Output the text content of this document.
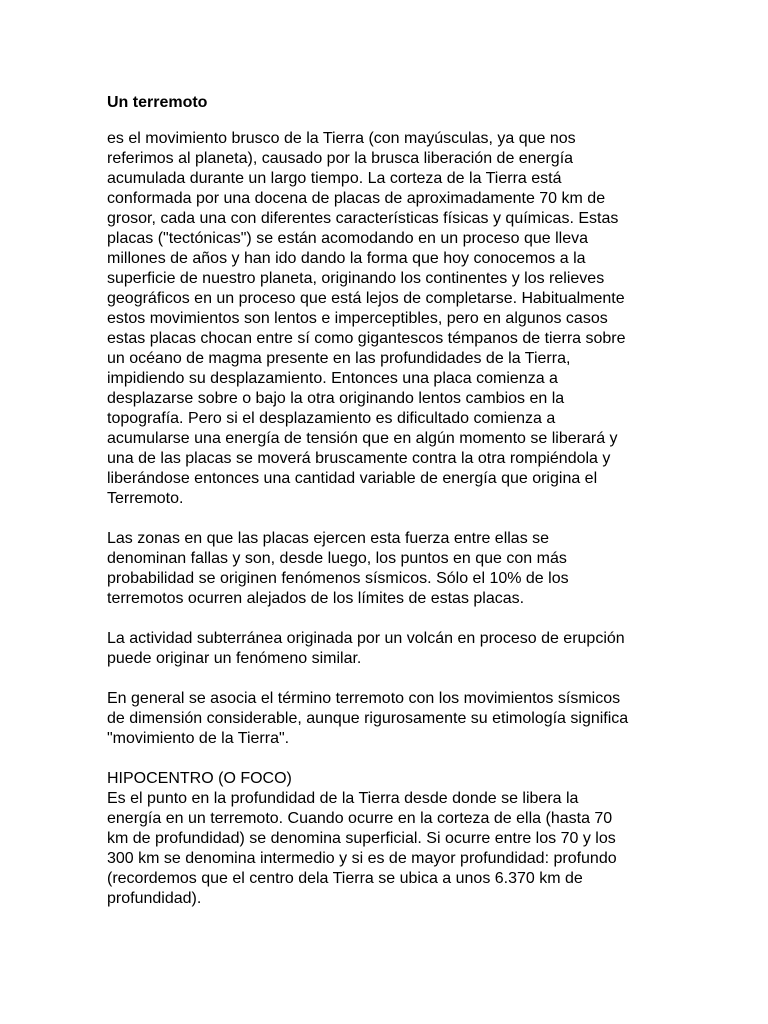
Un terremoto
es el movimiento brusco de la Tierra (con mayúsculas, ya que nos
referimos al planeta), causado por la brusca liberación de energía
acumulada durante un largo tiempo. La corteza de la Tierra está
conformada por una docena de placas de aproximadamente 70 km de
grosor, cada una con diferentes características físicas y químicas. Estas
placas ("tectónicas") se están acomodando en un proceso que lleva
millones de años y han ido dando la forma que hoy conocemos a la
superficie de nuestro planeta, originando los continentes y los relieves
geográficos en un proceso que está lejos de completarse. Habitualmente
estos movimientos son lentos e imperceptibles, pero en algunos casos
estas placas chocan entre sí como gigantescos témpanos de tierra sobre
un océano de magma presente en las profundidades de la Tierra,
impidiendo su desplazamiento. Entonces una placa comienza a
desplazarse sobre o bajo la otra originando lentos cambios en la
topografía. Pero si el desplazamiento es dificultado comienza a
acumularse una energía de tensión que en algún momento se liberará y
una de las placas se moverá bruscamente contra la otra rompiéndola y
liberándose entonces una cantidad variable de energía que origina el
Terremoto.
Las zonas en que las placas ejercen esta fuerza entre ellas se
denominan fallas y son, desde luego, los puntos en que con más
probabilidad se originen fenómenos sísmicos. Sólo el 10% de los
terremotos ocurren alejados de los límites de estas placas.
La actividad subterránea originada por un volcán en proceso de erupción
puede originar un fenómeno similar.
En general se asocia el término terremoto con los movimientos sísmicos
de dimensión considerable, aunque rigurosamente su etimología significa
"movimiento de la Tierra".
HIPOCENTRO (O FOCO)
Es el punto en la profundidad de la Tierra desde donde se libera la
energía en un terremoto. Cuando ocurre en la corteza de ella (hasta 70
km de profundidad) se denomina superficial. Si ocurre entre los 70 y los
300 km se denomina intermedio y si es de mayor profundidad: profundo
(recordemos que el centro dela Tierra se ubica a unos 6.370 km de
profundidad).
